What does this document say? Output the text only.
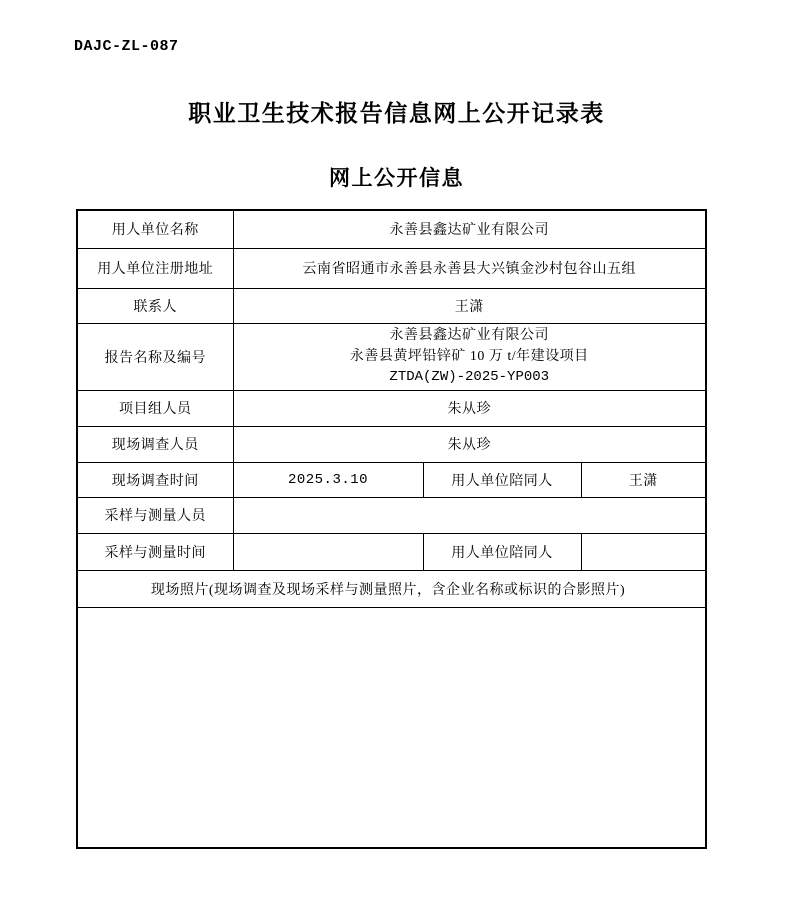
DAJC-ZL-087
职业卫生技术报告信息网上公开记录表
网上公开信息
用人单位名称	永善县鑫达矿业有限公司		
用人单位注册地址	云南省昭通市永善县永善县大兴镇金沙村包谷山五组		
联系人	王潇		
报告名称及编号	永善县鑫达矿业有限公司
永善县黄坪铅锌矿 10 万 t/年建设项目
ZTDA(ZW)-2025-YP003		

项目组人员	朱从珍		
现场调查人员	朱从珍		
现场调查时间	2025.3.10	用人单位陪同人	王潇
采样与测量人员			
采样与测量时间		用人单位陪同人	

现场照片(现场调查及现场采样与测量照片，含企业名称或标识的合影照片)			
